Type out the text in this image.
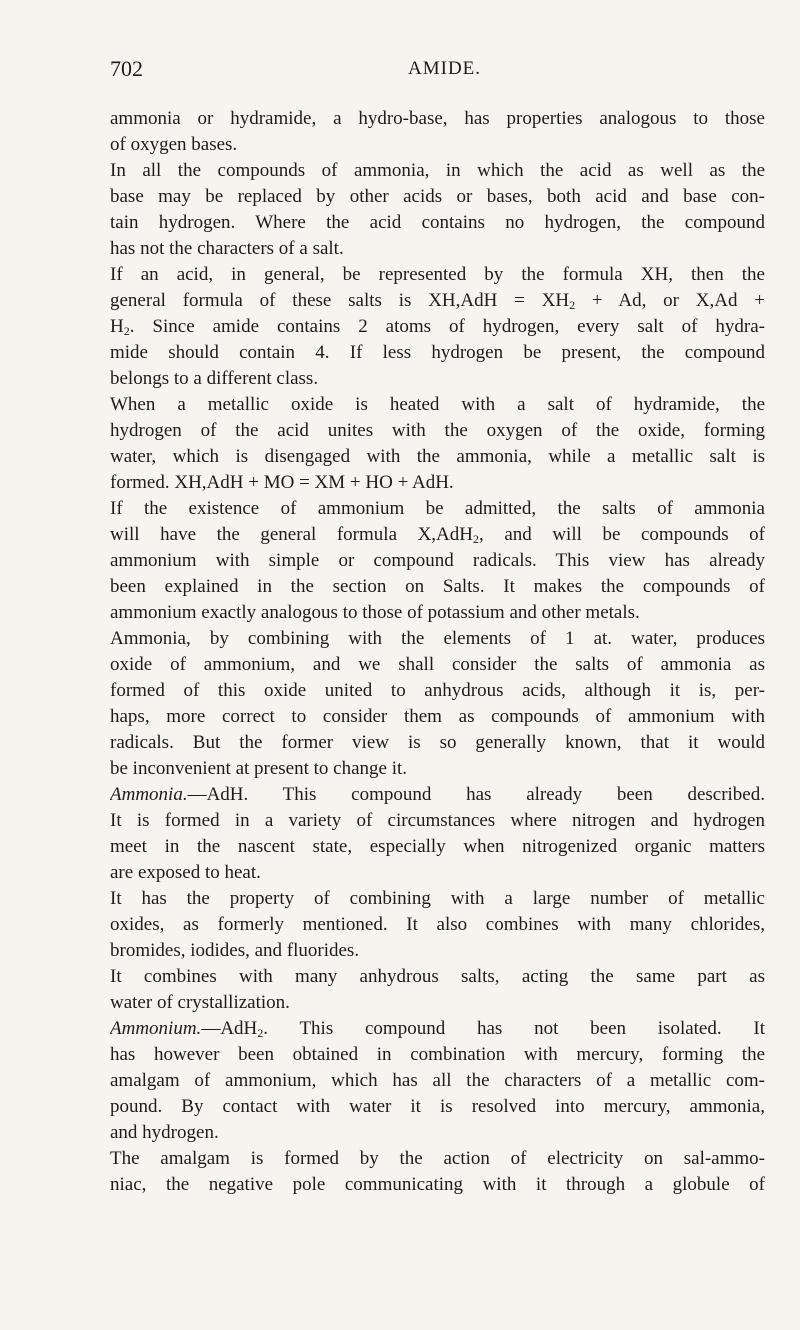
702	AMIDE.
ammonia or hydramide, a hydro-base, has properties analogous to those
of oxygen bases.
In all the compounds of ammonia, in which the acid as well as the
base may be replaced by other acids or bases, both acid and base con-
tain hydrogen. Where the acid contains no hydrogen, the compound
has not the characters of a salt.
If an acid, in general, be represented by the formula XH, then the
general formula of these salts is $XH,AdH = XH_2 + Ad$, or X,Ad +
$H_2$. Since amide contains 2 atoms of hydrogen, every salt of hydra-
mide should contain 4. If less hydrogen be present, the compound
belongs to a different class.
When a metallic oxide is heated with a salt of hydramide, the
hydrogen of the acid unites with the oxygen of the oxide, forming
water, which is disengaged with the ammonia, while a metallic salt is
formed. XH,AdH + MO = XM + HO + AdH.
If the existence of ammonium be admitted, the salts of ammonia
will have the general formula X,AdH$_2$, and will be compounds of
ammonium with simple or compound radicals. This view has already
been explained in the section on Salts. It makes the compounds of
ammonium exactly analogous to those of potassium and other metals.
Ammonia, by combining with the elements of 1 at. water, produces
oxide of ammonium, and we shall consider the salts of ammonia as
formed of this oxide united to anhydrous acids, although it is, per-
haps, more correct to consider them as compounds of ammonium with
radicals. But the former view is so generally known, that it would
be inconvenient at present to change it.
Ammonia.—AdH. This compound has already been described.
It is formed in a variety of circumstances where nitrogen and hydrogen
meet in the nascent state, especially when nitrogenized organic matters
are exposed to heat.
It has the property of combining with a large number of metallic
oxides, as formerly mentioned. It also combines with many chlorides,
bromides, iodides, and fluorides.
It combines with many anhydrous salts, acting the same part as
water of crystallization.
Ammonium.—AdH$_2$. This compound has not been isolated. It
has however been obtained in combination with mercury, forming the
amalgam of ammonium, which has all the characters of a metallic com-
pound. By contact with water it is resolved into mercury, ammonia,
and hydrogen.
The amalgam is formed by the action of electricity on sal-ammo-
niac, the negative pole communicating with it through a globule of
